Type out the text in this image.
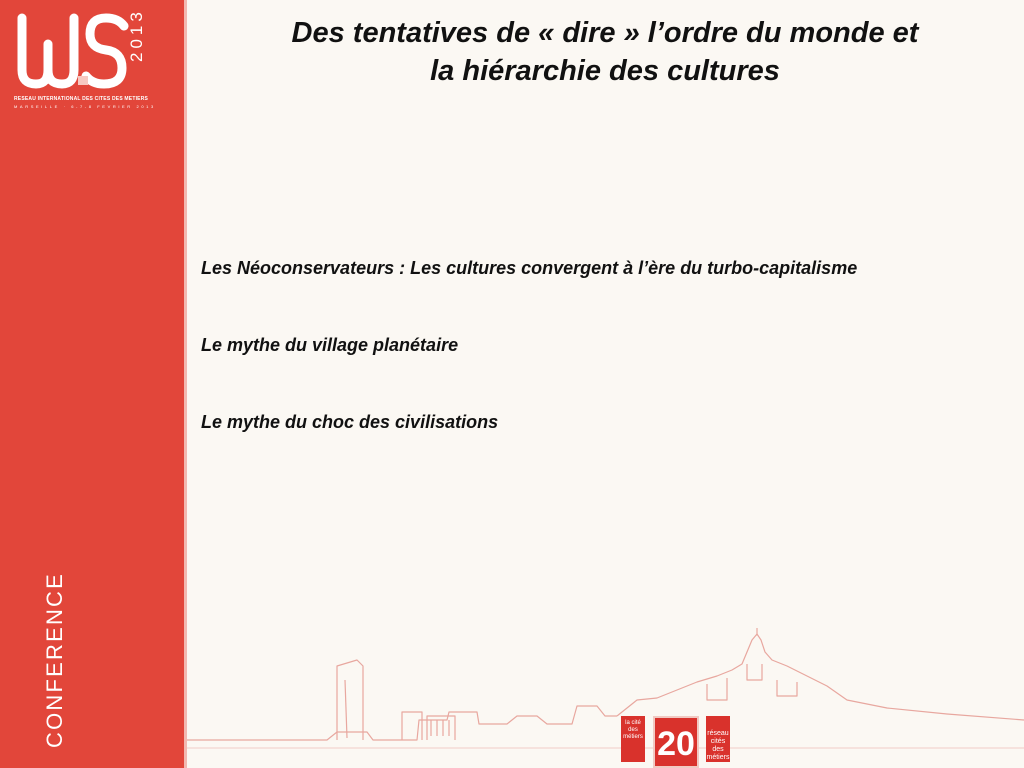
2013
RESEAU INTERNATIONAL DES CITES DES METIERS
MARSEILLE · 6-7-8 FEVRIER 2013
CONFERENCE
Des tentatives de « dire » l’ordre du monde et
la hiérarchie des cultures

Les Néoconservateurs : Les cultures convergent à l’ère du turbo-capitalisme

Le mythe du village planétaire

Le mythe du choc des civilisations

la cité des métiers 20	réseau cités des métiers
